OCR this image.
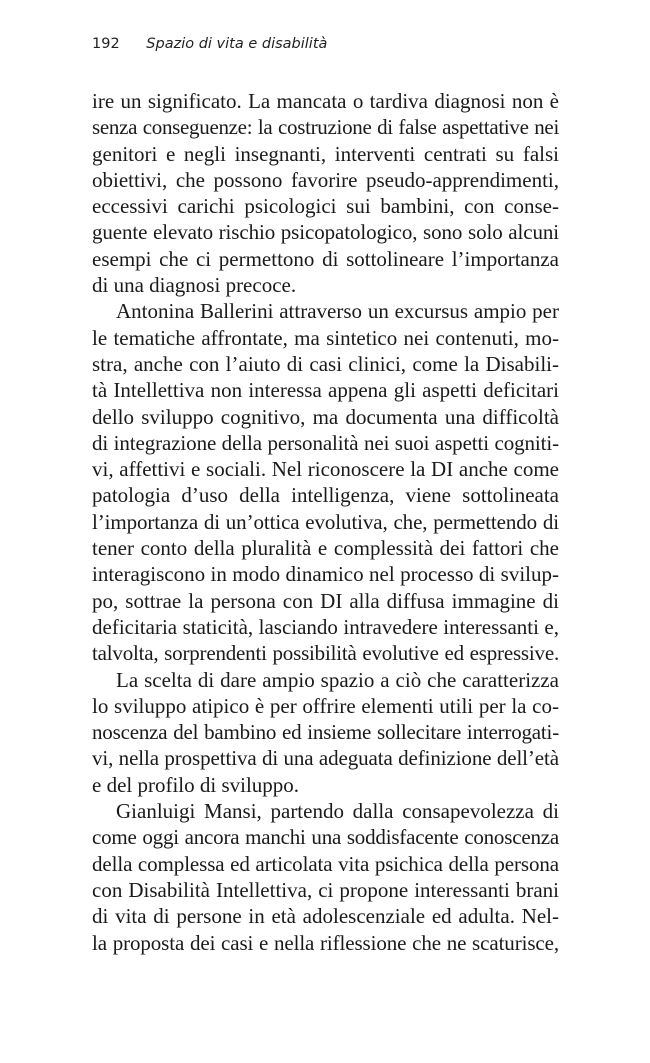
192 Spazio di vita e disabilità
ire un significato. La mancata o tardiva diagnosi non è
senza conseguenze: la costruzione di false aspettative nei
genitori e negli insegnanti, interventi centrati su falsi
obiettivi, che possono favorire pseudo-apprendimenti,
eccessivi carichi psicologici sui bambini, con conse-
guente elevato rischio psicopatologico, sono solo alcuni
esempi che ci permettono di sottolineare l’importanza
di una diagnosi precoce.
Antonina Ballerini attraverso un excursus ampio per
le tematiche affrontate, ma sintetico nei contenuti, mo-
stra, anche con l’aiuto di casi clinici, come la Disabili-
tà Intellettiva non interessa appena gli aspetti deficitari
dello sviluppo cognitivo, ma documenta una difficoltà
di integrazione della personalità nei suoi aspetti cogniti-
vi, affettivi e sociali. Nel riconoscere la DI anche come
patologia d’uso della intelligenza, viene sottolineata
l’importanza di un’ottica evolutiva, che, permettendo di
tener conto della pluralità e complessità dei fattori che
interagiscono in modo dinamico nel processo di svilup-
po, sottrae la persona con DI alla diffusa immagine di
deficitaria staticità, lasciando intravedere interessanti e,
talvolta, sorprendenti possibilità evolutive ed espressive.
La scelta di dare ampio spazio a ciò che caratterizza
lo sviluppo atipico è per offrire elementi utili per la co-
noscenza del bambino ed insieme sollecitare interrogati-
vi, nella prospettiva di una adeguata definizione dell’età
e del profilo di sviluppo.
Gianluigi Mansi, partendo dalla consapevolezza di
come oggi ancora manchi una soddisfacente conoscenza
della complessa ed articolata vita psichica della persona
con Disabilità Intellettiva, ci propone interessanti brani
di vita di persone in età adolescenziale ed adulta. Nel-
la proposta dei casi e nella riflessione che ne scaturisce,
